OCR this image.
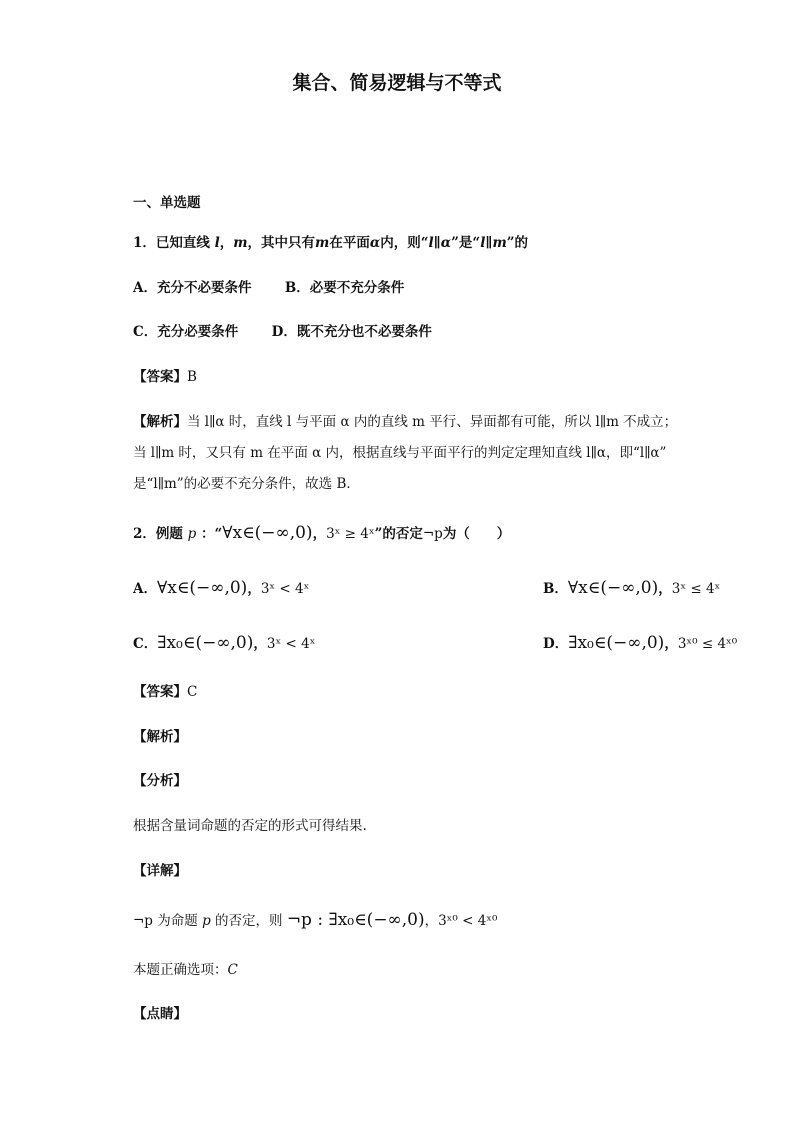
集合、简易逻辑与不等式
一、单选题
1．已知直线 l，m，其中只有m在平面α内，则“l∥α”是“l∥m”的
A．充分不必要条件 B．必要不充分条件
C．充分必要条件 D．既不充分也不必要条件
【答案】B
【解析】当 l∥α 时，直线 l 与平面 α 内的直线 m 平行、异面都有可能，所以 l∥m 不成立；
当 l∥m 时，又只有 m 在平面 α 内，根据直线与平面平行的判定定理知直线 l∥α，即“l∥α”
是“l∥m”的必要不充分条件，故选 B．
2．例题 p ：“∀x∈(−∞,0)，3ˣ ≥ 4ˣ”的否定¬p为（　　）
A．∀x∈(−∞,0)，3ˣ < 4ˣ	B．∀x∈(−∞,0)，3ˣ ≤ 4ˣ
C．∃x₀∈(−∞,0)，3ˣ < 4ˣ	D．∃x₀∈(−∞,0)，3ˣ⁰ ≤ 4ˣ⁰
【答案】C
【解析】
【分析】
根据含量词命题的否定的形式可得结果.
【详解】
¬p 为命题 p 的否定，则 ¬p : ∃x₀∈(−∞,0)，3ˣ⁰ < 4ˣ⁰
本题正确选项：C
【点睛】
